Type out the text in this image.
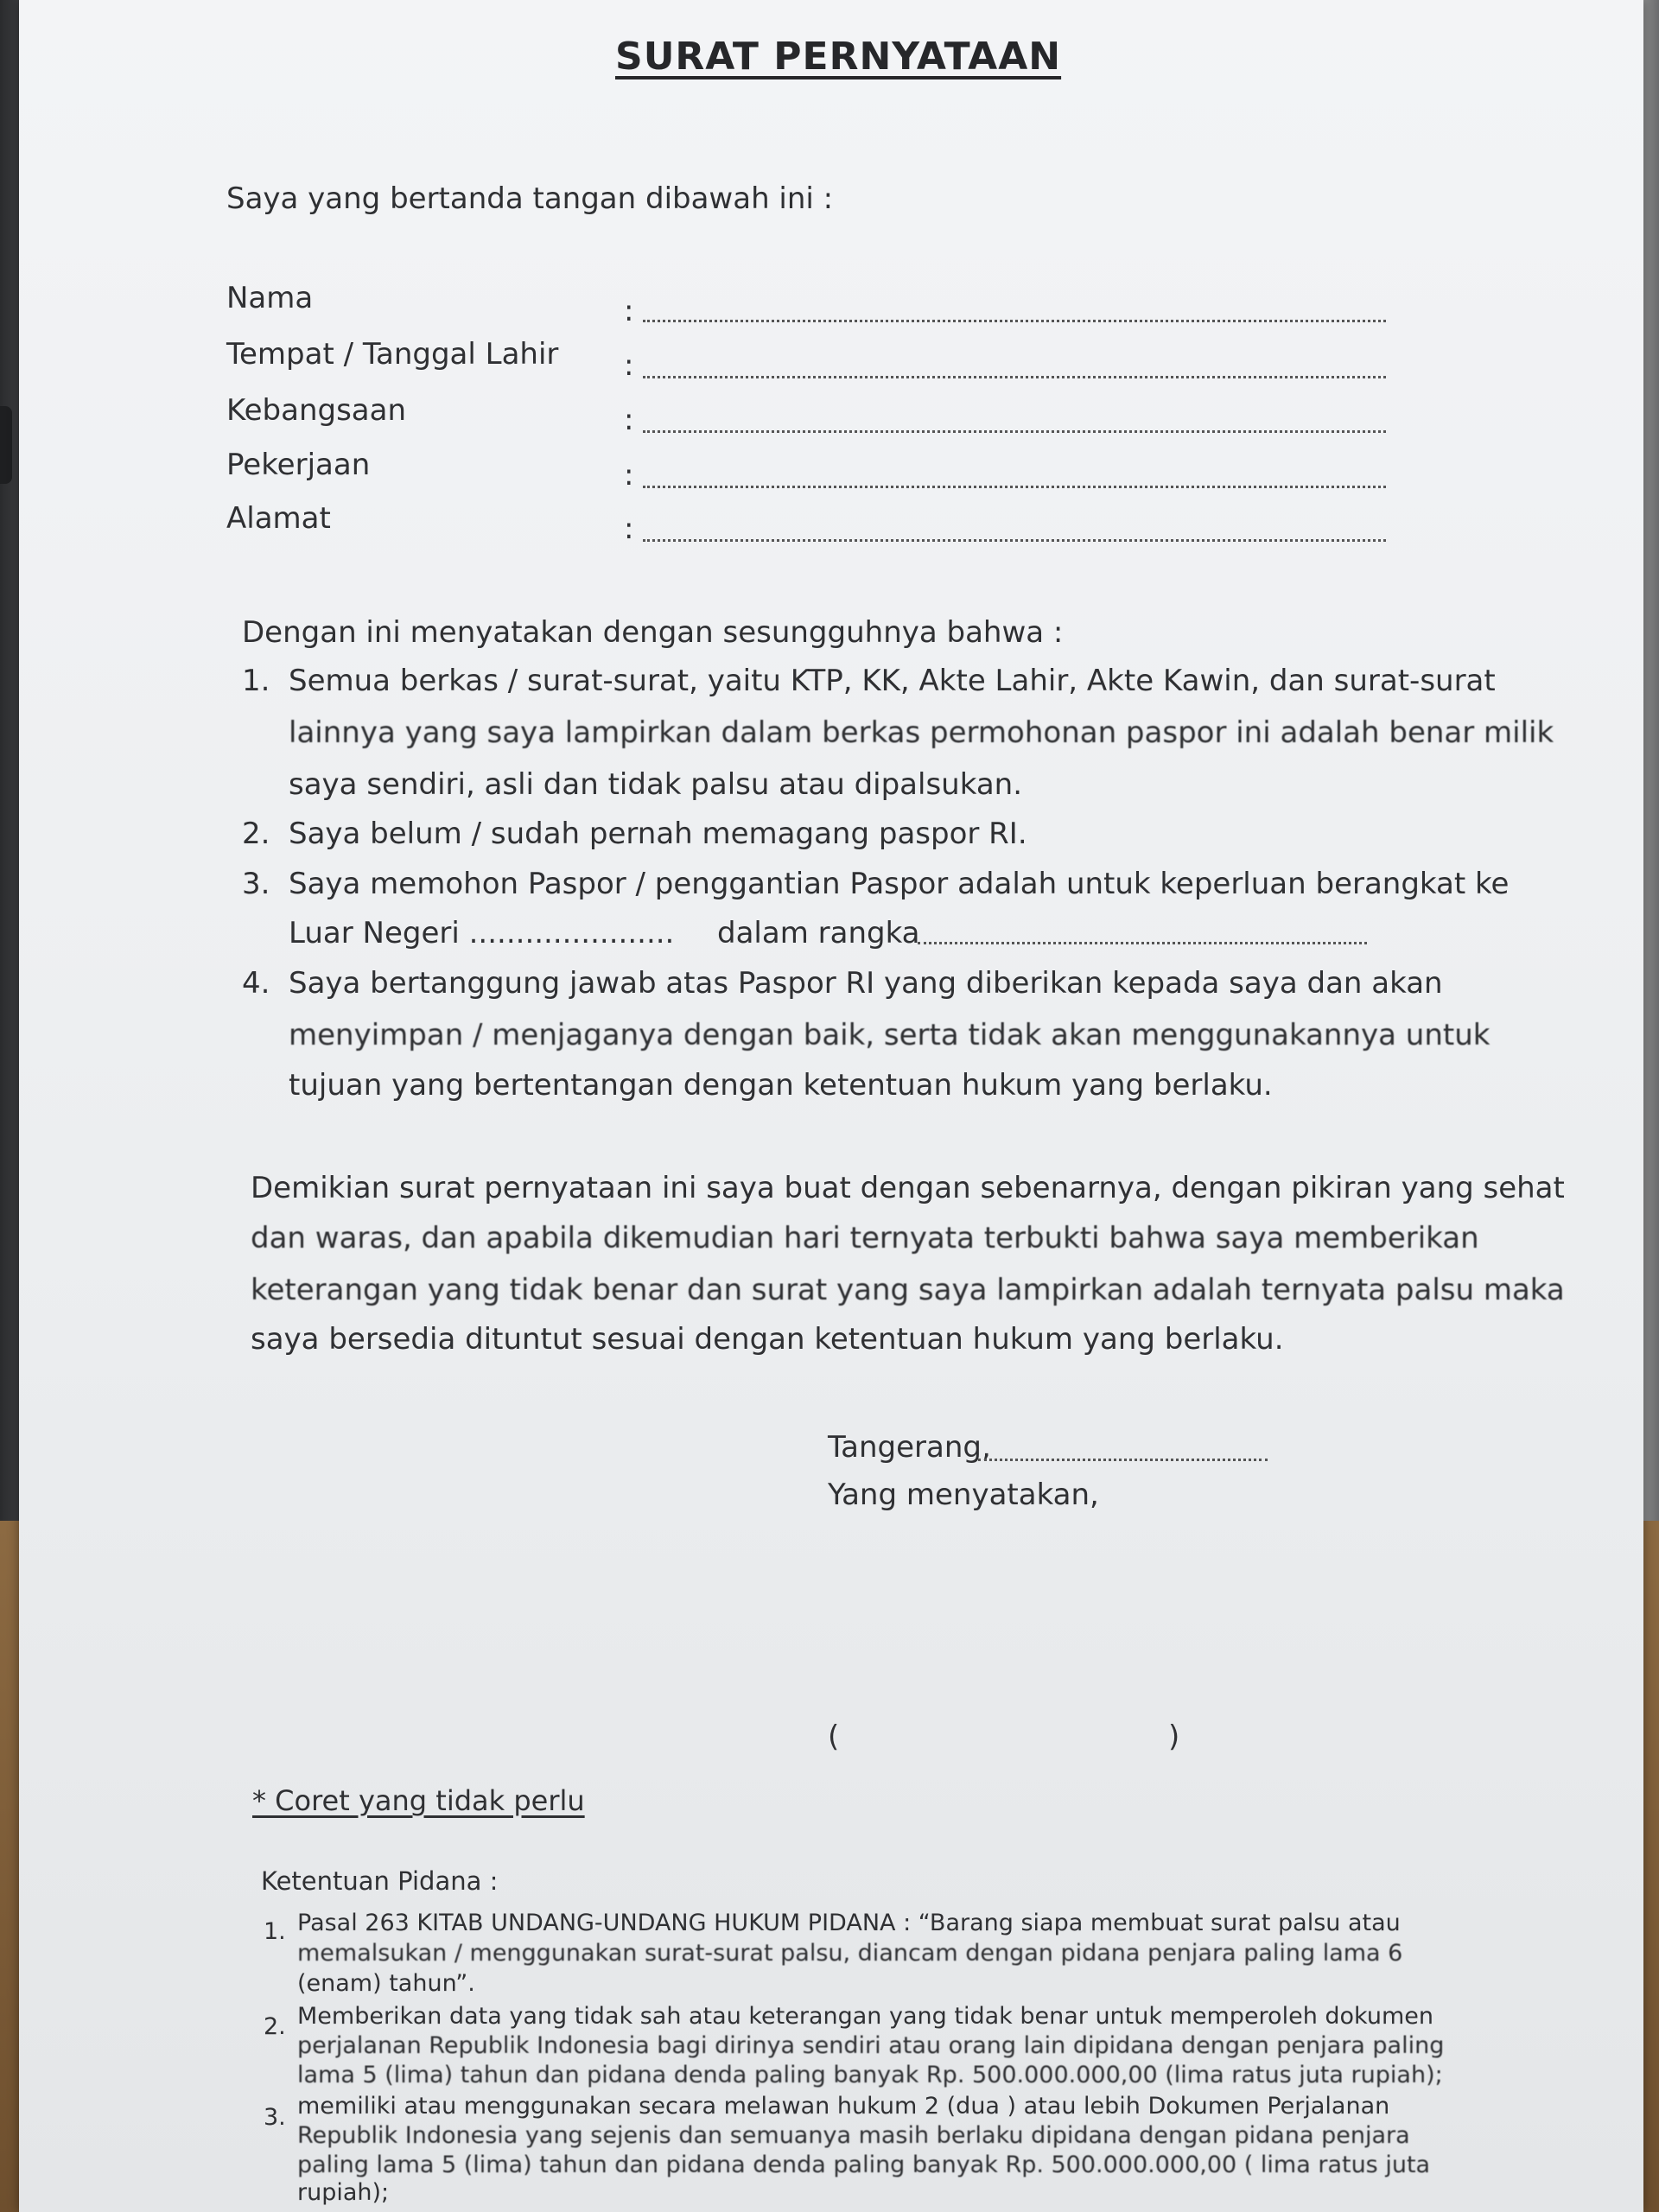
SURAT PERNYATAAN
Saya yang bertanda tangan dibawah ini :
Nama	:
Tempat / Tanggal Lahir :
Kebangsaan	:
Pekerjaan	:
Alamat	:
Dengan ini menyatakan dengan sesungguhnya bahwa :
1. Semua berkas / surat-surat, yaitu KTP, KK, Akte Lahir, Akte Kawin, dan surat-surat
lainnya yang saya lampirkan dalam berkas permohonan paspor ini adalah benar milik
saya sendiri, asli dan tidak palsu atau dipalsukan.
2. Saya belum / sudah pernah memagang paspor RI.
3. Saya memohon Paspor / penggantian Paspor adalah untuk keperluan berangkat ke
Luar Negeri ...................... dalam rangka
4. Saya bertanggung jawab atas Paspor RI yang diberikan kepada saya dan akan
menyimpan / menjaganya dengan baik, serta tidak akan menggunakannya untuk
tujuan yang bertentangan dengan ketentuan hukum yang berlaku.
Demikian surat pernyataan ini saya buat dengan sebenarnya, dengan pikiran yang sehat
dan waras, dan apabila dikemudian hari ternyata terbukti bahwa saya memberikan
keterangan yang tidak benar dan surat yang saya lampirkan adalah ternyata palsu maka
saya bersedia dituntut sesuai dengan ketentuan hukum yang berlaku.
Tangerang,
Yang menyatakan,
(	)
* Coret yang tidak perlu
Ketentuan Pidana :
1. Pasal 263 KITAB UNDANG-UNDANG HUKUM PIDANA : “Barang siapa membuat surat palsu atau
memalsukan / menggunakan surat-surat palsu, diancam dengan pidana penjara paling lama 6
(enam) tahun”.
2. Memberikan data yang tidak sah atau keterangan yang tidak benar untuk memperoleh dokumen
perjalanan Republik Indonesia bagi dirinya sendiri atau orang lain dipidana dengan penjara paling
lama 5 (lima) tahun dan pidana denda paling banyak Rp. 500.000.000,00 (lima ratus juta rupiah);
3. memiliki atau menggunakan secara melawan hukum 2 (dua ) atau lebih Dokumen Perjalanan
Republik Indonesia yang sejenis dan semuanya masih berlaku dipidana dengan pidana penjara
paling lama 5 (lima) tahun dan pidana denda paling banyak Rp. 500.000.000,00 ( lima ratus juta
rupiah);
